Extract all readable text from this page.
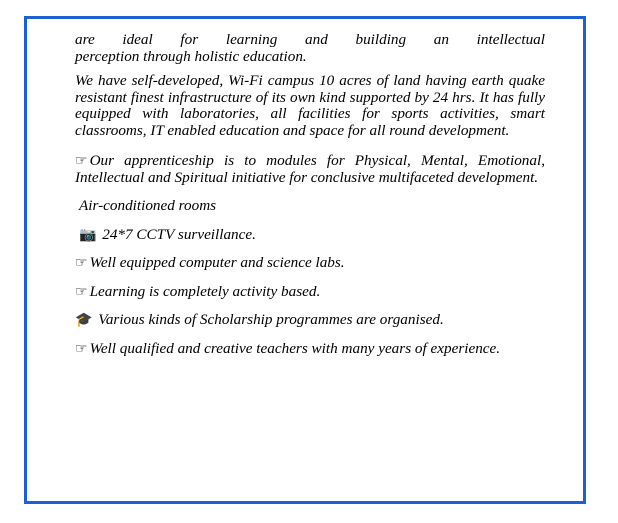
are ideal for learning and building an intellectual

perception through holistic education.

We have self-developed, Wi-Fi campus 10 acres of land having earth quake resistant finest infrastructure of its own kind supported by 24 hrs. It has fully equipped with laboratories, all facilities for sports activities, smart classrooms, IT enabled education and space for all round development.

☞ Our apprenticeship is to modules for Physical, Mental, Emotional, Intellectual and Spiritual initiative for conclusive multifaceted development.

Air-conditioned rooms

📷 24*7 CCTV surveillance.

☞ Well equipped computer and science labs.

☞ Learning is completely activity based.

🎓 Various kinds of Scholarship programmes are organised.

☞ Well qualified and creative teachers with many years of experience.
